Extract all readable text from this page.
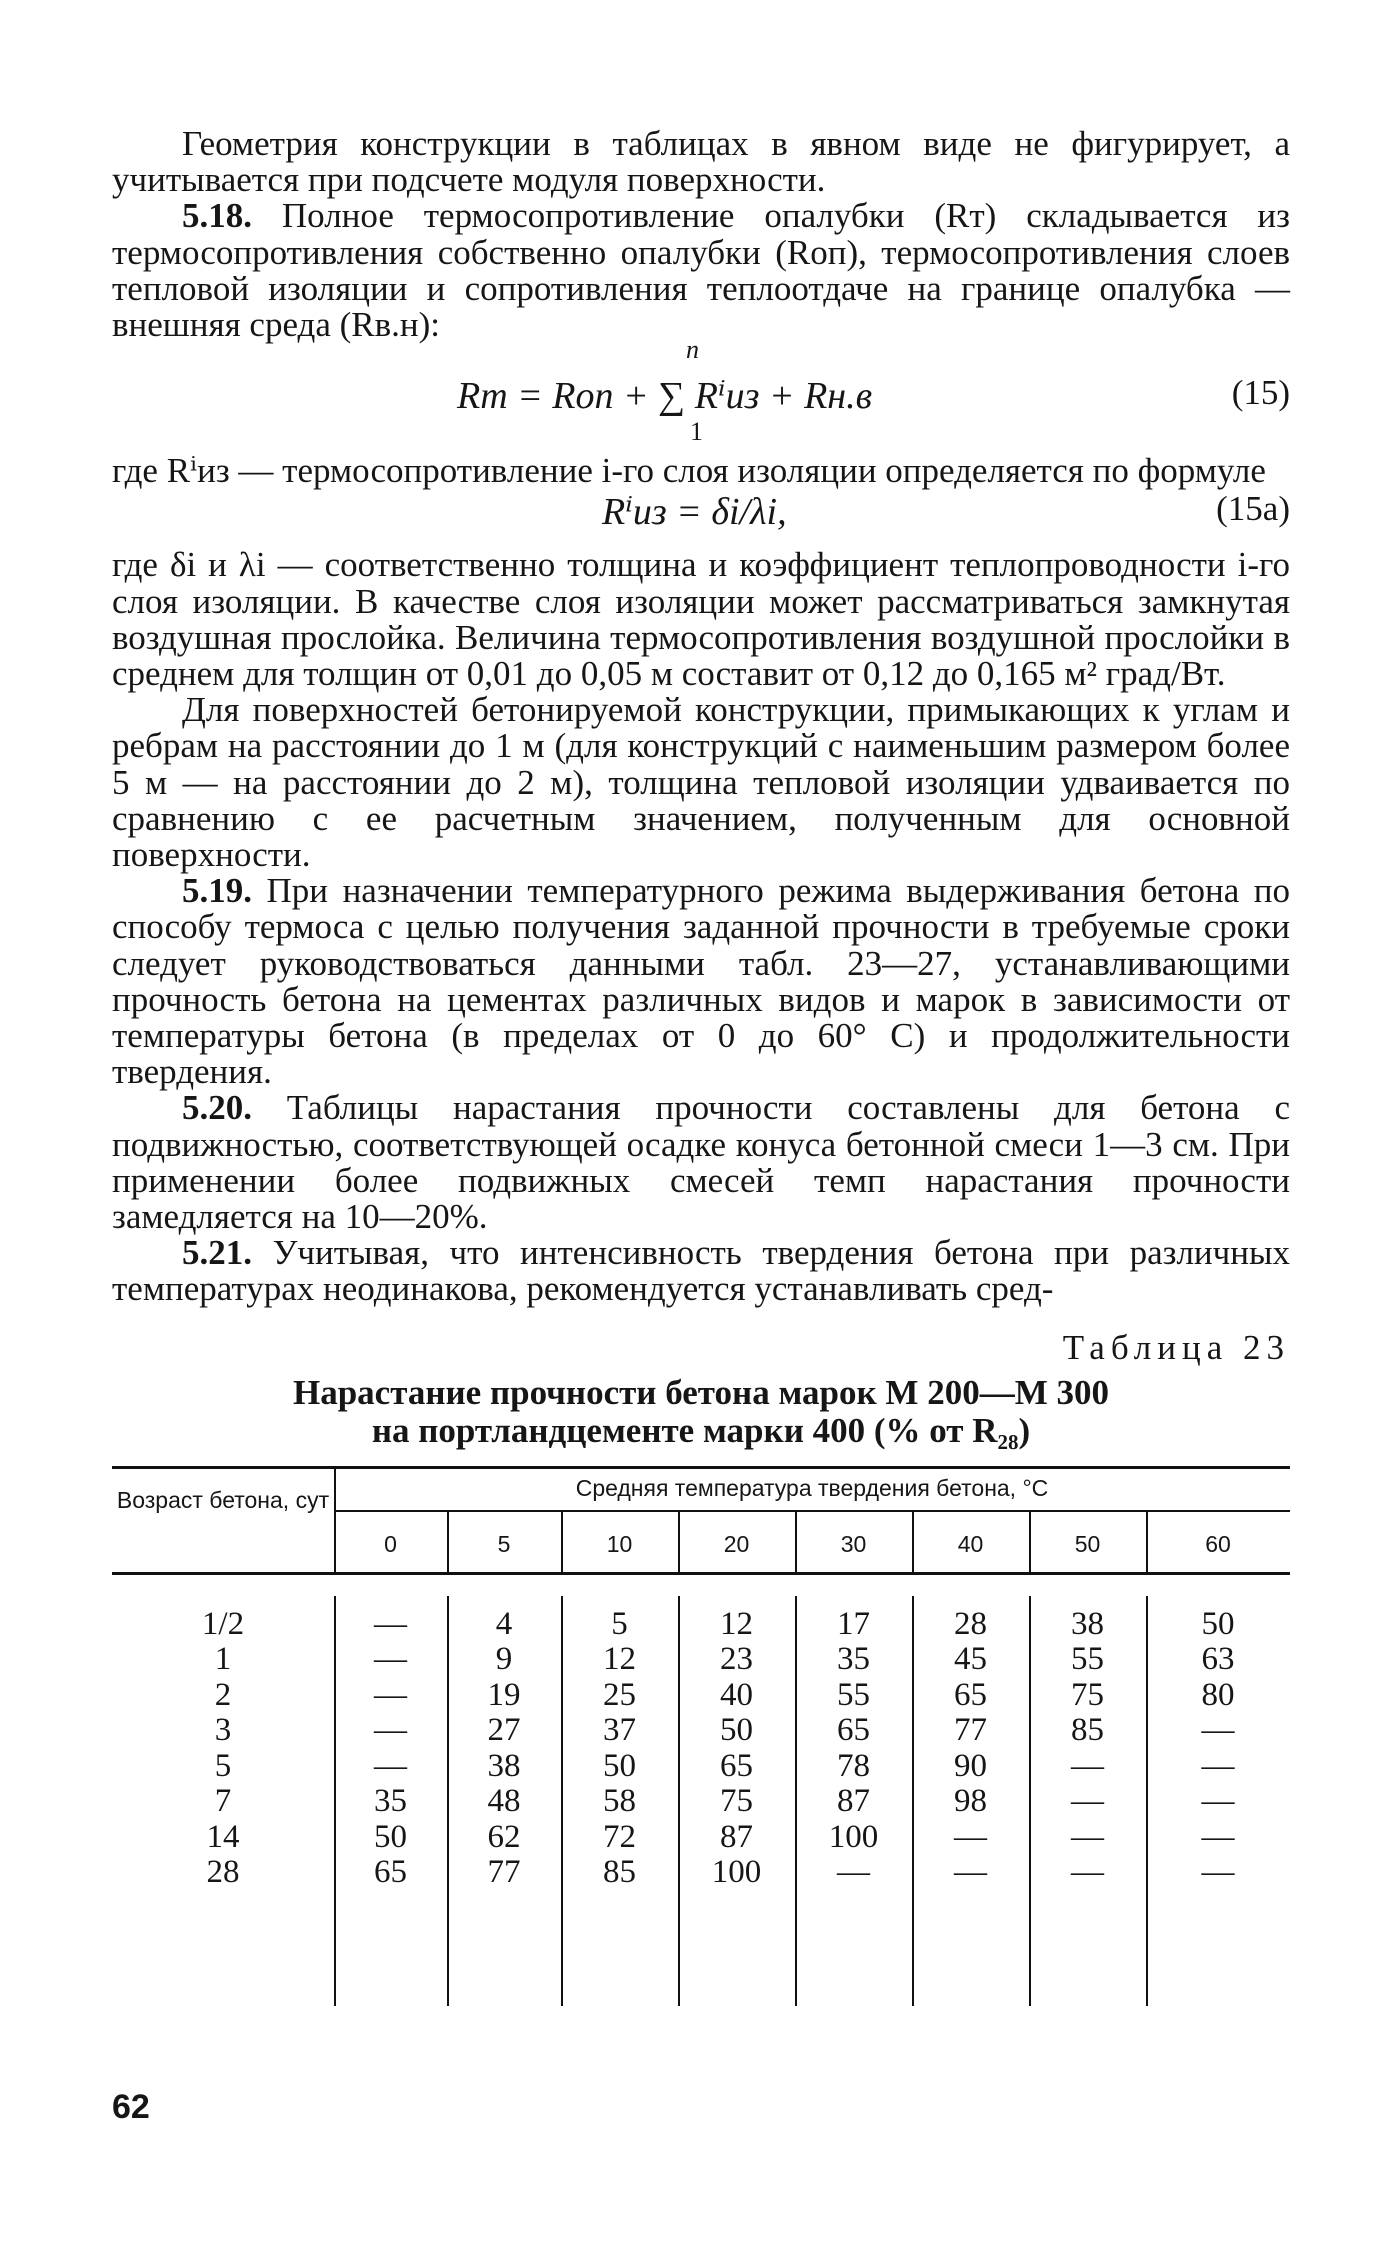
Геометрия конструкции в таблицах в явном виде не фигурирует, а учитывается при подсчете модуля поверхности.

5.18. Полное термосопротивление опалубки (Rт) складывается из термосопротивления собственно опалубки (Rоп), термосопротивления слоев тепловой изоляции и сопротивления теплоотдаче на границе опалубка — внешняя среда (Rв.н):

n
Rт = Rоп + ∑ Rⁱиз + Rн.в
1
(15)

где Rⁱиз — термосопротивление i-го слоя изоляции определяется по формуле

Rⁱиз = δi/λi,	(15а)

где δi и λi — соответственно толщина и коэффициент теплопроводности i-го слоя изоляции. В качестве слоя изоляции может рассматриваться замкнутая воздушная прослойка. Величина термосопротивления воздушной прослойки в среднем для толщин от 0,01 до 0,05 м составит от 0,12 до 0,165 м² град/Вт.

Для поверхностей бетонируемой конструкции, примыкающих к углам и ребрам на расстоянии до 1 м (для конструкций с наименьшим размером более 5 м — на расстоянии до 2 м), толщина тепловой изоляции удваивается по сравнению с ее расчетным значением, полученным для основной поверхности.

5.19. При назначении температурного режима выдерживания бетона по способу термоса с целью получения заданной прочности в требуемые сроки следует руководствоваться данными табл. 23—27, устанавливающими прочность бетона на цементах различных видов и марок в зависимости от температуры бетона (в пределах от 0 до 60° С) и продолжительности твердения.

5.20. Таблицы нарастания прочности составлены для бетона с подвижностью, соответствующей осадке конуса бетонной смеси 1—3 см. При применении более подвижных смесей темп нарастания прочности замедляется на 10—20%.

5.21. Учитывая, что интенсивность твердения бетона при различных температурах неодинакова, рекомендуется устанавливать сред-

Таблица 23
Нарастание прочности бетона марок М 200—М 300
на портландцементе марки 400 (% от R₂₈)
Возраст бетона, сут	Средняя температура твердения бетона, °С
0	5	10	20	30	40	50	60
1/2	—	4	5	12	17	28	38	50
1	—	9	12	23	35	45	55	63
2	—	19	25	40	55	65	75	80
3	—	27	37	50	65	77	85	—
5	—	38	50	65	78	90	—	—
7	35	48	58	75	87	98	—	—
14	50	62	72	87	100	—	—	—
28	65	77	85	100	—	—	—	—
62
